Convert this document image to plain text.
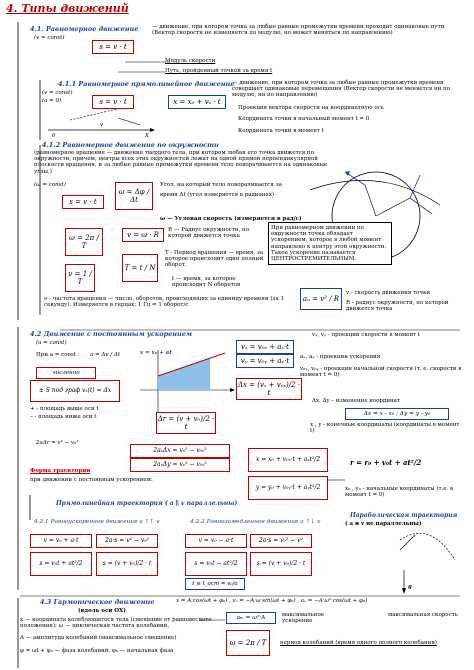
4. Типы движений
4.1. Равномерное движение
(v = const)
— движение, при котором точка за любые равные промежутки времени проходит одинаковые пути (Вектор скорости не изменяется по модулю, но может меняться по направлению)
s = v · t
Модуль скорости
Путь, пройденный точкой за время t
4.1.1 Равномерное прямолинейное движение
(v = const)
(a = 0)
— движение, при котором точка за любые равные промежутки времени совершает одинаковые перемещения (Вектор скорости не меняется ни по модулю, ни по направлению)
s = v · t	x = x₀ + vₓ · t
Проекция вектора скорости на координатную ось
Координата точки в начальный момент t = 0
Координата точки в момент t
0
v
X
4.1.2 Равномерное движение по окружности
(равномерное вращение — движение твердого тела, при котором любая его точка движется по окружности, причем, центры всех этих окружностей лежат на одной прямой перпендикулярной плоскости вращения, и за любые равные промежутки времени тело поворачивается на одинаковые углы.)
(ω = const)
ω = Δφ / Δt
Угол, на который тело поворачивается за
время Δt (угол измеряется в радианах)
s = v · t
ω — Угловая скорость (измеряется в рад/с)
ω = 2π / T
v = ω · R
R — Радиус окружности, по которой движется точка
T = t / N
T - Период вращения — время, за которое происходит один полный оборот.
t — время, за которое происходит N оборотов
ν = 1 / T
ν - частота вращения — число, оборотов, происходящих за единицу времени (за 1 секунду). Измеряется в герцах: 1 Гц = 1 оборот/с
При равномерном движении по окружности точка обладает ускорением, которое в любой момент направлено к центру этой окружности. Такое ускорение называется ЦЕНТРОСТРЕМИТЕЛЬНЫМ.
aₙ = v² / R
v - скорость движения точки
R - радиус окружности, по которой движется точка
4.2 Движение с постоянным ускорением
(a = const)
При a = const : a = Δv / Δt	v = v₀ + at
vₓ = v₀ₓ + aₓ·t
vᵧ = v₀ᵧ + aᵧ·t
vₓ, vᵧ - проекции скорости в момент t
aₓ, aᵧ - проекции ускорения
v₀ₓ, v₀ᵧ - проекции начальной скорости (т. е. скорости в момент t = 0)
численно
± S под граф vₓ(t) = Δx
+ - площадь выше оси t
– - площадь ниже оси t
Δx = (vₓ + v₀ₓ)/2 · t
Δr = (v + v₀)/2 · t
Δx, Δy – изменение координат
Δx = x - x₀ ; Δy = y - y₀
x , y - конечные координаты (координаты в момент t)
2aΔr = v² − v₀²
2aₓΔx = vₓ² − v₀ₓ²
2aᵧΔy = vᵧ² − v₀ᵧ²
Форма траектории
при движении с постоянным ускорением:
x = x₀ + v₀ₓ·t + aₓt²/2
y = y₀ + v₀ᵧ·t + aᵧt²/2
r = r₀ + v₀t + at²/2
x₀ , y₀ - начальные координаты (т.е. в момент t = 0)
Прямолинейная траектория ( a ∥ v параллельны)
Параболическая траектория
( a и v не параллельны)
4.2.1 Равноускоренное движение a ↑↑ v	4.2.2 Равнозамедленное движение a ↑↓ v
v = v₀ + a·t	2a·s = v² − v₀²
s = v₀t + at²/2	s = (v + v₀)/2 · t
v = v₀ − a·t	2a·s = v₀² − v²
s = v₀t − at²/2	s = (v + v₀)/2 · t
t ≤ t_ост = v₀/a	g
4.3 Гармоническое движение
(вдоль оси OX)
x = A·cos(ωt + φ₀) , vₓ = −A·ω·sin(ωt + φ₀) , aₓ = −A·ω²·cos(ωt + φ₀)
x — координата колеблющегося тела (смещение от равновесного положения); ω — циклическая частота колебаний,
A — амплитуда колебаний (максимальное смещение)
φ = ωt + φ₀ — фаза колебаний, φ₀ — начальная фаза
aₘ = ω²·A	максимальное ускорение
максимальная скорость
ω = 2π / T	период колебаний (время одного полного колебания)
